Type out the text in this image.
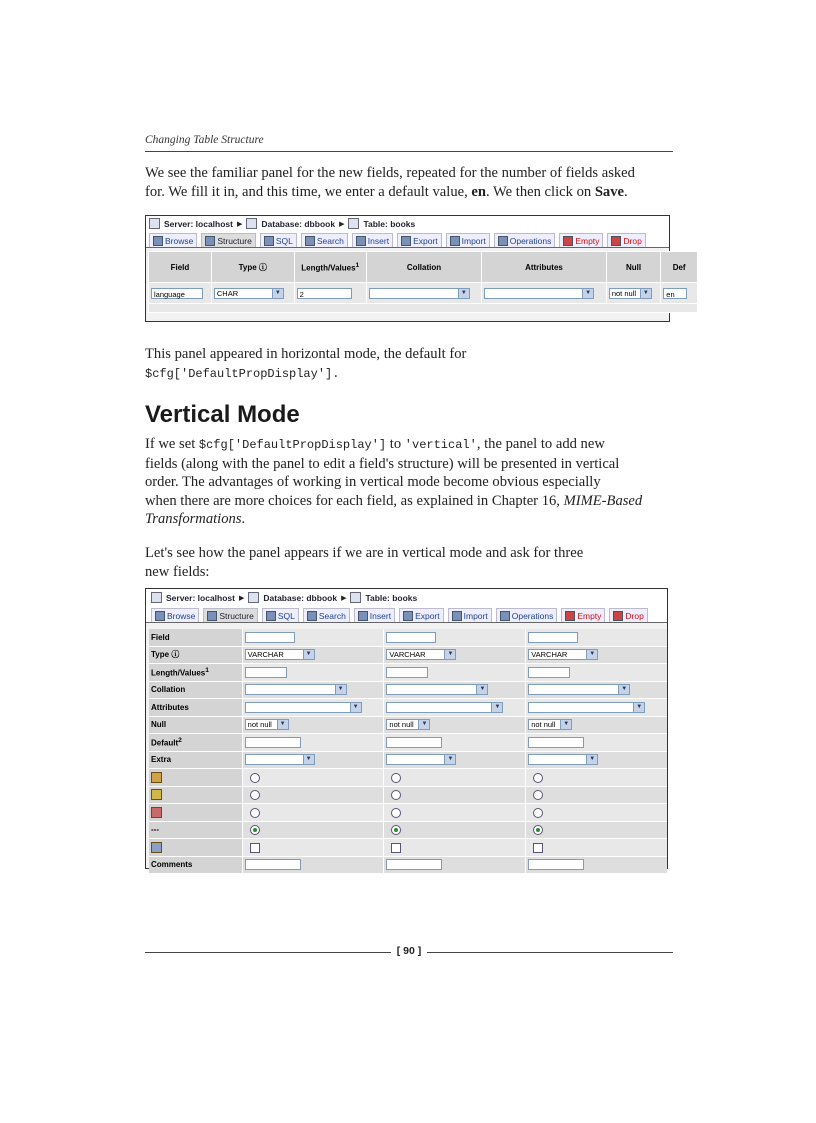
Changing Table Structure
We see the familiar panel for the new fields, repeated for the number of fields asked
for. We fill it in, and this time, we enter a default value, en. We then click on Save.
Server: localhost ▶ Database: dbbook ▶ Table: books
Browse	Structure	SQL	Search	Insert	Export	Import	Operations	Empty	Drop
Field	Type ⓘ	Length/Values$^1$	Collation	Attributes	Null	Def
language	CHAR ▼	2	▼	▼	not null ▼	en

This panel appeared in horizontal mode, the default for
$cfg['DefaultPropDisplay'].
Vertical Mode
If we set $cfg['DefaultPropDisplay'] to 'vertical', the panel to add new
fields (along with the panel to edit a field's structure) will be presented in vertical
order. The advantages of working in vertical mode become obvious especially
when there are more choices for each field, as explained in Chapter 16, MIME-Based
Transformations.
Let's see how the panel appears if we are in vertical mode and ask for three
new fields:
Server: localhost ▶ Database: dbbook ▶ Table: books
Browse	Structure	SQL	Search	Insert	Export	Import	Operations	Empty	Drop
Field			
Type ⓘ	VARCHAR ▼	VARCHAR ▼	VARCHAR ▼

Length/Values$^1$			
Collation	▼	▼	▼

Attributes	▼	▼	▼

Null	not null ▼	not null ▼	not null ▼

Default$^2$			
Extra	▼	▼	▼

---			

Comments			
[ 90 ]
